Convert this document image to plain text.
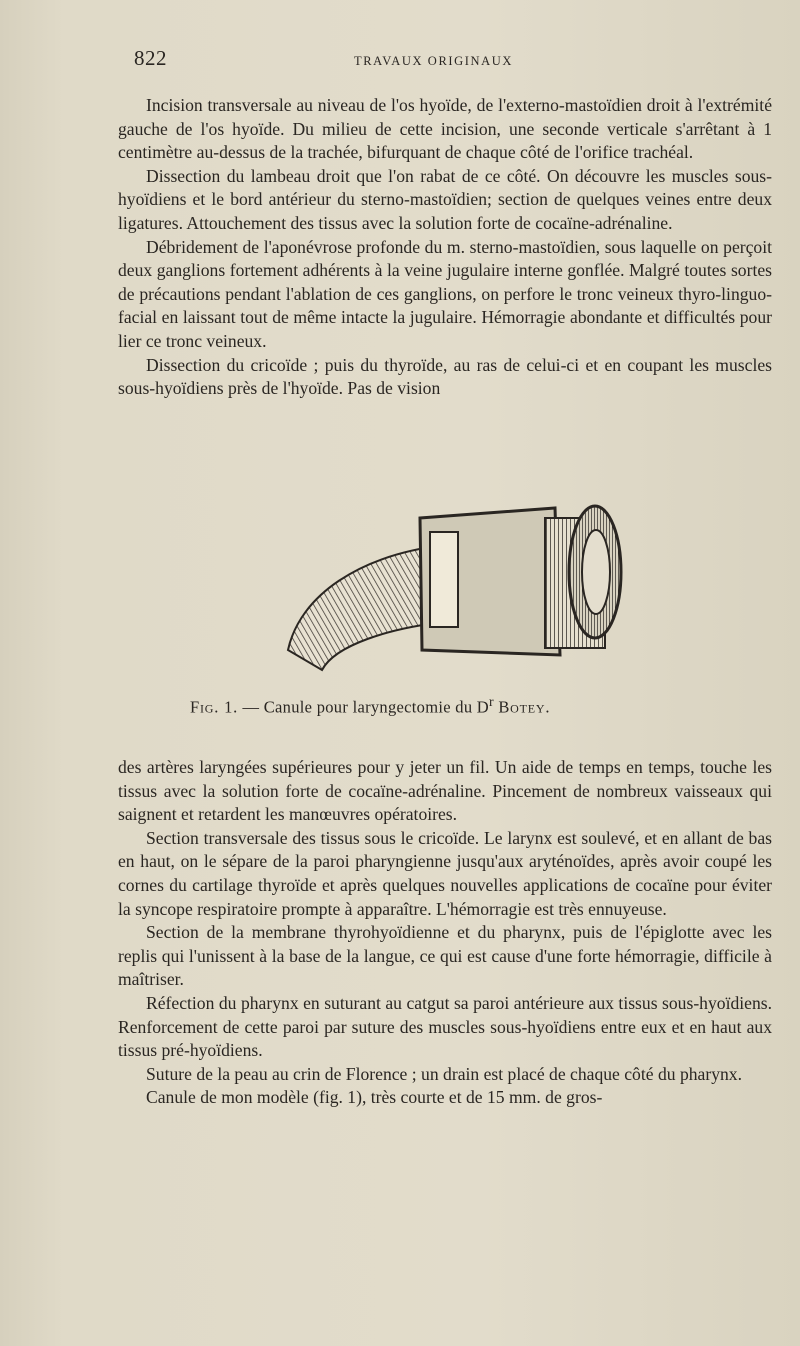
822	TRAVAUX ORIGINAUX

Incision transversale au niveau de l'os hyoïde, de l'externo-mastoïdien droit à l'extrémité gauche de l'os hyoïde. Du milieu de cette incision, une seconde verticale s'arrêtant à 1 centimètre au-dessus de la trachée, bifurquant de chaque côté de l'orifice trachéal.

Dissection du lambeau droit que l'on rabat de ce côté. On découvre les muscles sous-hyoïdiens et le bord antérieur du sterno-mastoïdien; section de quelques veines entre deux ligatures. Attouchement des tissus avec la solution forte de cocaïne-adrénaline.

Débridement de l'aponévrose profonde du m. sterno-mastoïdien, sous laquelle on perçoit deux ganglions fortement adhérents à la veine jugulaire interne gonflée. Malgré toutes sortes de précautions pendant l'ablation de ces ganglions, on perfore le tronc veineux thyro-linguo-facial en laissant tout de même intacte la jugulaire. Hémorragie abondante et difficultés pour lier ce tronc veineux.

Dissection du cricoïde ; puis du thyroïde, au ras de celui-ci et en coupant les muscles sous-hyoïdiens près de l'hyoïde. Pas de vision

Fig. 1. — Canule pour laryngectomie du $D^r$ Botey.

des artères laryngées supérieures pour y jeter un fil. Un aide de temps en temps, touche les tissus avec la solution forte de cocaïne-adrénaline. Pincement de nombreux vaisseaux qui saignent et retardent les manœuvres opératoires.

Section transversale des tissus sous le cricoïde. Le larynx est soulevé, et en allant de bas en haut, on le sépare de la paroi pharyngienne jusqu'aux aryténoïdes, après avoir coupé les cornes du cartilage thyroïde et après quelques nouvelles applications de cocaïne pour éviter la syncope respiratoire prompte à apparaître. L'hémorragie est très ennuyeuse.

Section de la membrane thyrohyoïdienne et du pharynx, puis de l'épiglotte avec les replis qui l'unissent à la base de la langue, ce qui est cause d'une forte hémorragie, difficile à maîtriser.

Réfection du pharynx en suturant au catgut sa paroi antérieure aux tissus sous-hyoïdiens. Renforcement de cette paroi par suture des muscles sous-hyoïdiens entre eux et en haut aux tissus pré-hyoïdiens.

Suture de la peau au crin de Florence ; un drain est placé de chaque côté du pharynx.

Canule de mon modèle (fig. 1), très courte et de 15 mm. de gros-
